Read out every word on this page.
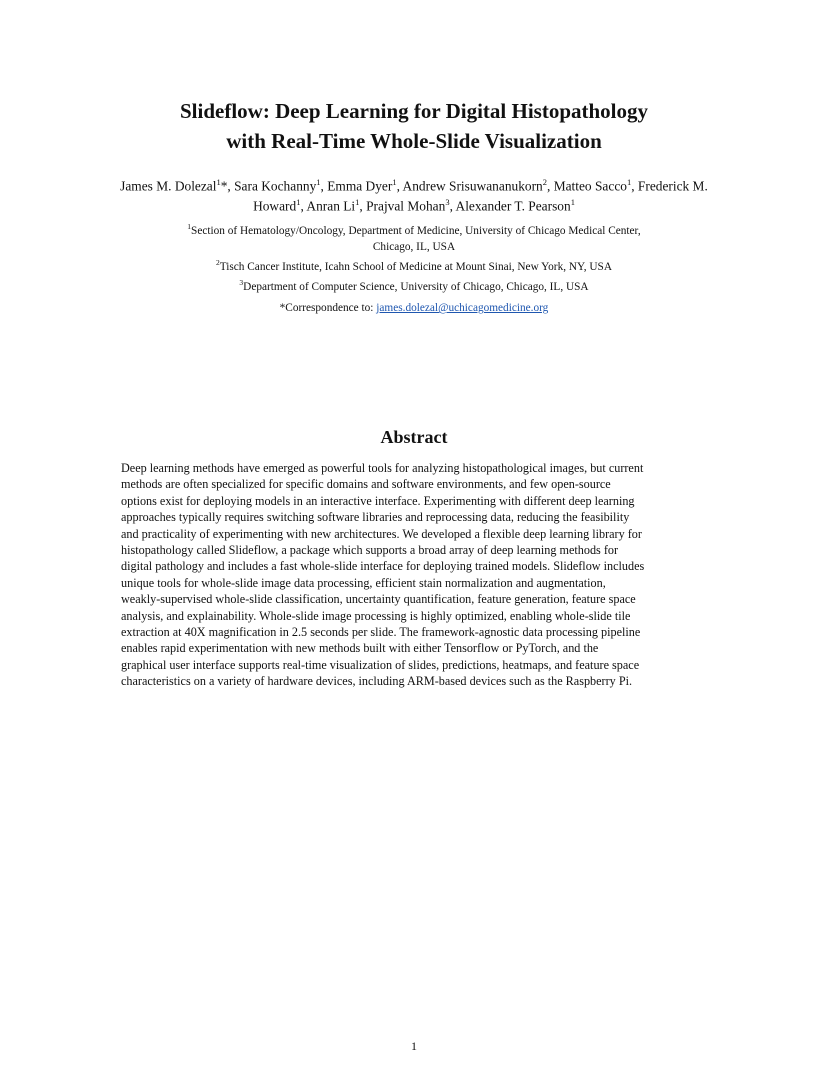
Slideflow: Deep Learning for Digital Histopathology
with Real-Time Whole-Slide Visualization
James M. Dolezal$^1$*, Sara Kochanny$^1$, Emma Dyer$^1$, Andrew Srisuwananukorn$^2$, Matteo Sacco$^1$, Frederick M. Howard$^1$, Anran Li$^1$, Prajval Mohan$^3$, Alexander T. Pearson$^1$
$^1$Section of Hematology/Oncology, Department of Medicine, University of Chicago Medical Center,
Chicago, IL, USA
$^2$Tisch Cancer Institute, Icahn School of Medicine at Mount Sinai, New York, NY, USA
$^3$Department of Computer Science, University of Chicago, Chicago, IL, USA
*Correspondence to: james.dolezal@uchicagomedicine.org
Abstract
Deep learning methods have emerged as powerful tools for analyzing histopathological images, but current
methods are often specialized for specific domains and software environments, and few open-source
options exist for deploying models in an interactive interface. Experimenting with different deep learning
approaches typically requires switching software libraries and reprocessing data, reducing the feasibility
and practicality of experimenting with new architectures. We developed a flexible deep learning library for
histopathology called Slideflow, a package which supports a broad array of deep learning methods for
digital pathology and includes a fast whole-slide interface for deploying trained models. Slideflow includes
unique tools for whole-slide image data processing, efficient stain normalization and augmentation,
weakly-supervised whole-slide classification, uncertainty quantification, feature generation, feature space
analysis, and explainability. Whole-slide image processing is highly optimized, enabling whole-slide tile
extraction at 40X magnification in 2.5 seconds per slide. The framework-agnostic data processing pipeline
enables rapid experimentation with new methods built with either Tensorflow or PyTorch, and the
graphical user interface supports real-time visualization of slides, predictions, heatmaps, and feature space
characteristics on a variety of hardware devices, including ARM-based devices such as the Raspberry Pi.
1
